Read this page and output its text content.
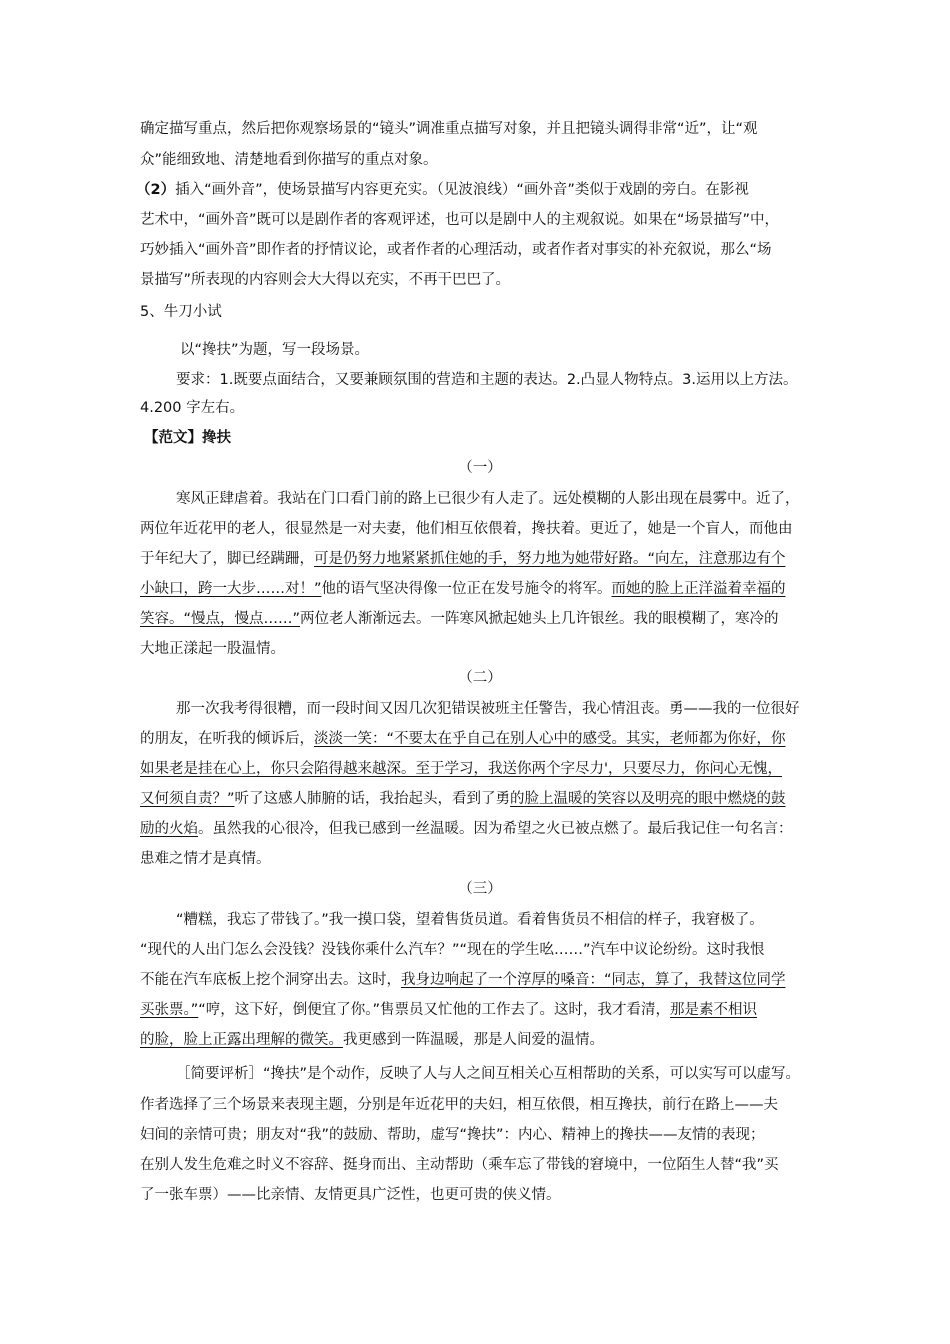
确定描写重点，然后把你观察场景的“镜头”调准重点描写对象，并且把镜头调得非常“近”，让“观
众”能细致地、清楚地看到你描写的重点对象。
（2）插入“画外音”，使场景描写内容更充实。（见波浪线）“画外音”类似于戏剧的旁白。在影视
艺术中，“画外音”既可以是剧作者的客观评述，也可以是剧中人的主观叙说。如果在“场景描写”中，
巧妙插入“画外音”即作者的抒情议论，或者作者的心理活动，或者作者对事实的补充叙说，那么“场
景描写”所表现的内容则会大大得以充实，不再干巴巴了。
5、牛刀小试
以“搀扶”为题，写一段场景。
要求：1.既要点面结合，又要兼顾氛围的营造和主题的表达。2.凸显人物特点。3.运用以上方法。
4.200 字左右。
【范文】搀扶
（一）
寒风正肆虐着。我站在门口看门前的路上已很少有人走了。远处模糊的人影出现在晨雾中。近了，
两位年近花甲的老人，很显然是一对夫妻，他们相互依偎着，搀扶着。更近了，她是一个盲人，而他由
于年纪大了，脚已经蹒跚，可是仍努力地紧紧抓住她的手，努力地为她带好路。“向左，注意那边有个
小缺口，跨一大步……对！”他的语气坚决得像一位正在发号施令的将军。而她的脸上正洋溢着幸福的
笑容。“慢点，慢点……”两位老人渐渐远去。一阵寒风掀起她头上几许银丝。我的眼模糊了，寒冷的
大地正漾起一股温情。
（二）
那一次我考得很糟，而一段时间又因几次犯错误被班主任警告，我心情沮丧。勇——我的一位很好
的朋友，在听我的倾诉后，淡淡一笑：“不要太在乎自己在别人心中的感受。其实，老师都为你好，你
如果老是挂在心上，你只会陷得越来越深。至于学习，我送你两个字尽力'，只要尽力，你问心无愧，
又何须自责？”听了这感人肺腑的话，我抬起头，看到了勇的脸上温暖的笑容以及明亮的眼中燃烧的鼓
励的火焰。虽然我的心很冷，但我已感到一丝温暖。因为希望之火已被点燃了。最后我记住一句名言：
患难之情才是真情。
（三）
“糟糕，我忘了带钱了。”我一摸口袋，望着售货员道。看着售货员不相信的样子，我窘极了。
“现代的人出门怎么会没钱？没钱你乘什么汽车？”“现在的学生吆……”汽车中议论纷纷。这时我恨
不能在汽车底板上挖个洞穿出去。这时，我身边响起了一个淳厚的嗓音：“同志，算了，我替这位同学
买张票。”“哼，这下好，倒便宜了你。”售票员又忙他的工作去了。这时，我才看清，那是素不相识
的脸，脸上正露出理解的微笑。我更感到一阵温暖，那是人间爱的温情。
［简要评析］“搀扶”是个动作，反映了人与人之间互相关心互相帮助的关系，可以实写可以虚写。
作者选择了三个场景来表现主题，分别是年近花甲的夫妇，相互依偎，相互搀扶，前行在路上——夫
妇间的亲情可贵；朋友对“我”的鼓励、帮助，虚写“搀扶”：内心、精神上的搀扶——友情的表现；
在别人发生危难之时义不容辞、挺身而出、主动帮助（乘车忘了带钱的窘境中，一位陌生人替“我”买
了一张车票）——比亲情、友情更具广泛性，也更可贵的侠义情。
